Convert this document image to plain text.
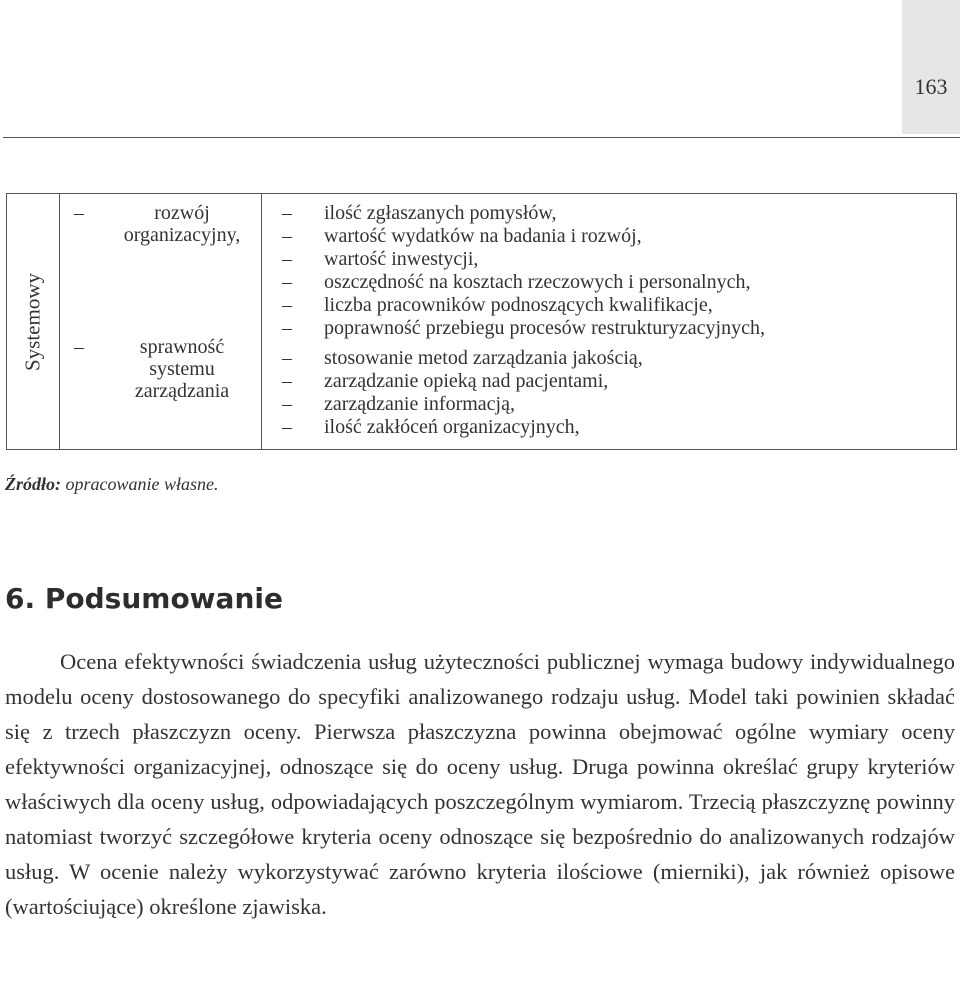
163
Systemowy

–	rozwój organizacyjny,
–	sprawność systemu zarządzania

– ilość zgłaszanych pomysłów,
– wartość wydatków na badania i rozwój,
– wartość inwestycji,
– oszczędność na kosztach rzeczowych i personalnych,
– liczba pracowników podnoszących kwalifikacje,
– poprawność przebiegu procesów restrukturyzacyjnych,
– stosowanie metod zarządzania jakością,
– zarządzanie opieką nad pacjentami,
– zarządzanie informacją,
– ilość zakłóceń organizacyjnych,
Źródło: opracowanie własne.
6. Podsumowanie

Ocena efektywności świadczenia usług użyteczności publicznej wymaga budowy indywidualnego modelu oceny dostosowanego do specyfiki analizowanego rodzaju usług. Model taki powinien składać się z trzech płaszczyzn oceny. Pierwsza płaszczyzna powinna obejmować ogólne wymiary oceny efektywności organizacyjnej, odnoszące się do oceny usług. Druga powinna określać grupy kryteriów właściwych dla oceny usług, odpowiadających poszczególnym wymiarom. Trzecią płaszczyznę powinny natomiast tworzyć szczegółowe kryteria oceny odnoszące się bezpośrednio do analizowanych rodzajów usług. W ocenie należy wykorzystywać zarówno kryteria ilościowe (mierniki), jak również opisowe (wartościujące) określone zjawiska.
